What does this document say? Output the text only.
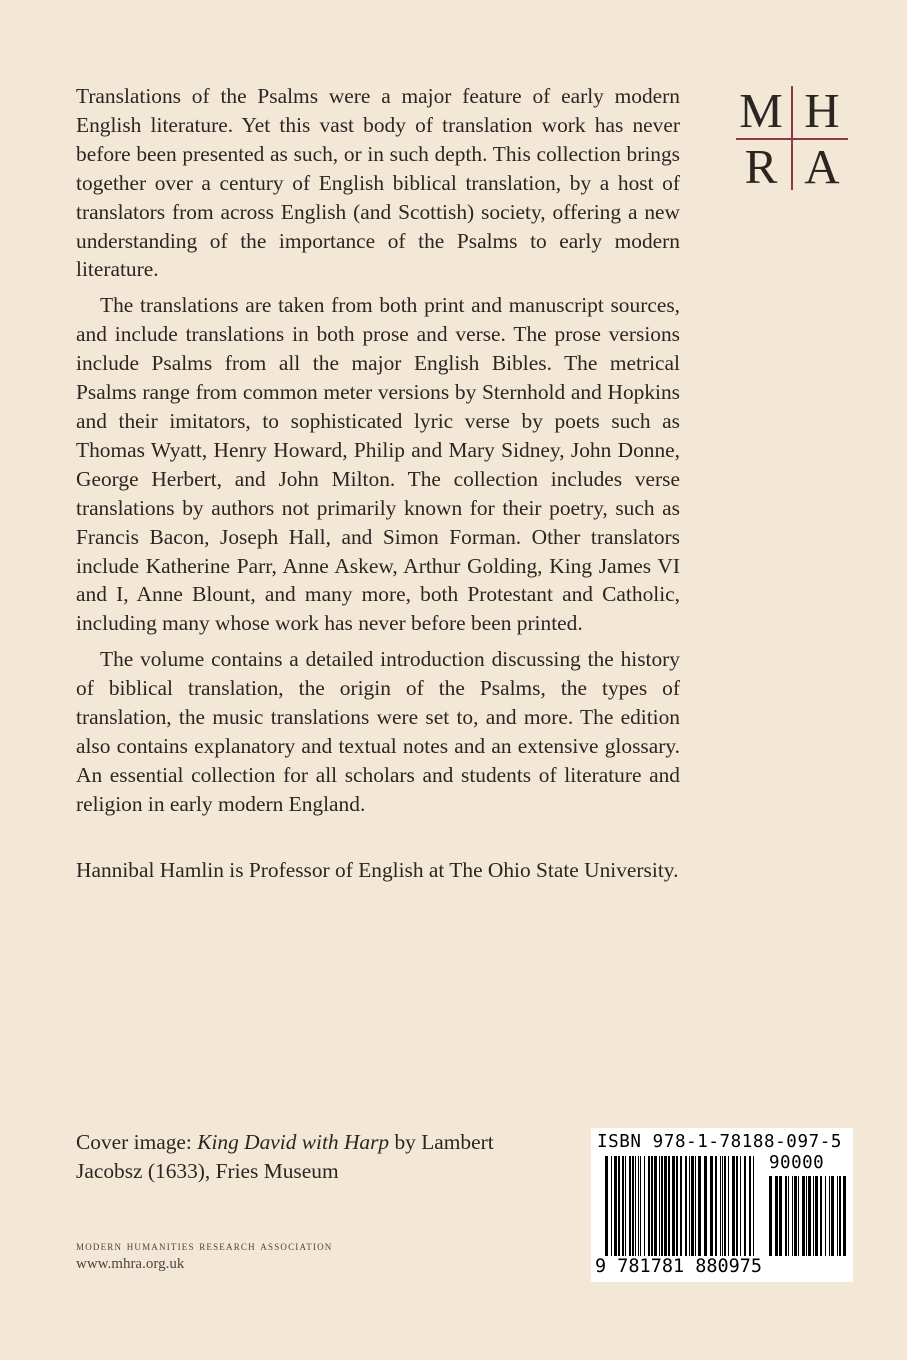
M H
R A

Translations of the Psalms were a major feature of early modern English literature. Yet this vast body of translation work has never before been presented as such, or in such depth. This collection brings together over a century of English biblical translation, by a host of translators from across English (and Scottish) society, offering a new understanding of the importance of the Psalms to early modern literature.

The translations are taken from both print and manuscript sources, and include translations in both prose and verse. The prose versions include Psalms from all the major English Bibles. The metrical Psalms range from common meter versions by Sternhold and Hopkins and their imitators, to sophisticated lyric verse by poets such as Thomas Wyatt, Henry Howard, Philip and Mary Sidney, John Donne, George Herbert, and John Milton. The collection includes verse translations by authors not primarily known for their poetry, such as Francis Bacon, Joseph Hall, and Simon Forman. Other translators include Katherine Parr, Anne Askew, Arthur Golding, King James VI and I, Anne Blount, and many more, both Protestant and Catholic, including many whose work has never before been printed.

The volume contains a detailed introduction discussing the history of biblical translation, the origin of the Psalms, the types of translation, the music translations were set to, and more. The edition also contains explanatory and textual notes and an extensive glossary. An essential collection for all scholars and students of literature and religion in early modern England.

Hannibal Hamlin is Professor of English at The Ohio State University.

Cover image: King David with Harp by Lambert Jacobsz (1633), Fries Museum

modern humanities research association
www.mhra.org.uk
ISBN 978-1-78188-097-5
90000
9 781781 880975
